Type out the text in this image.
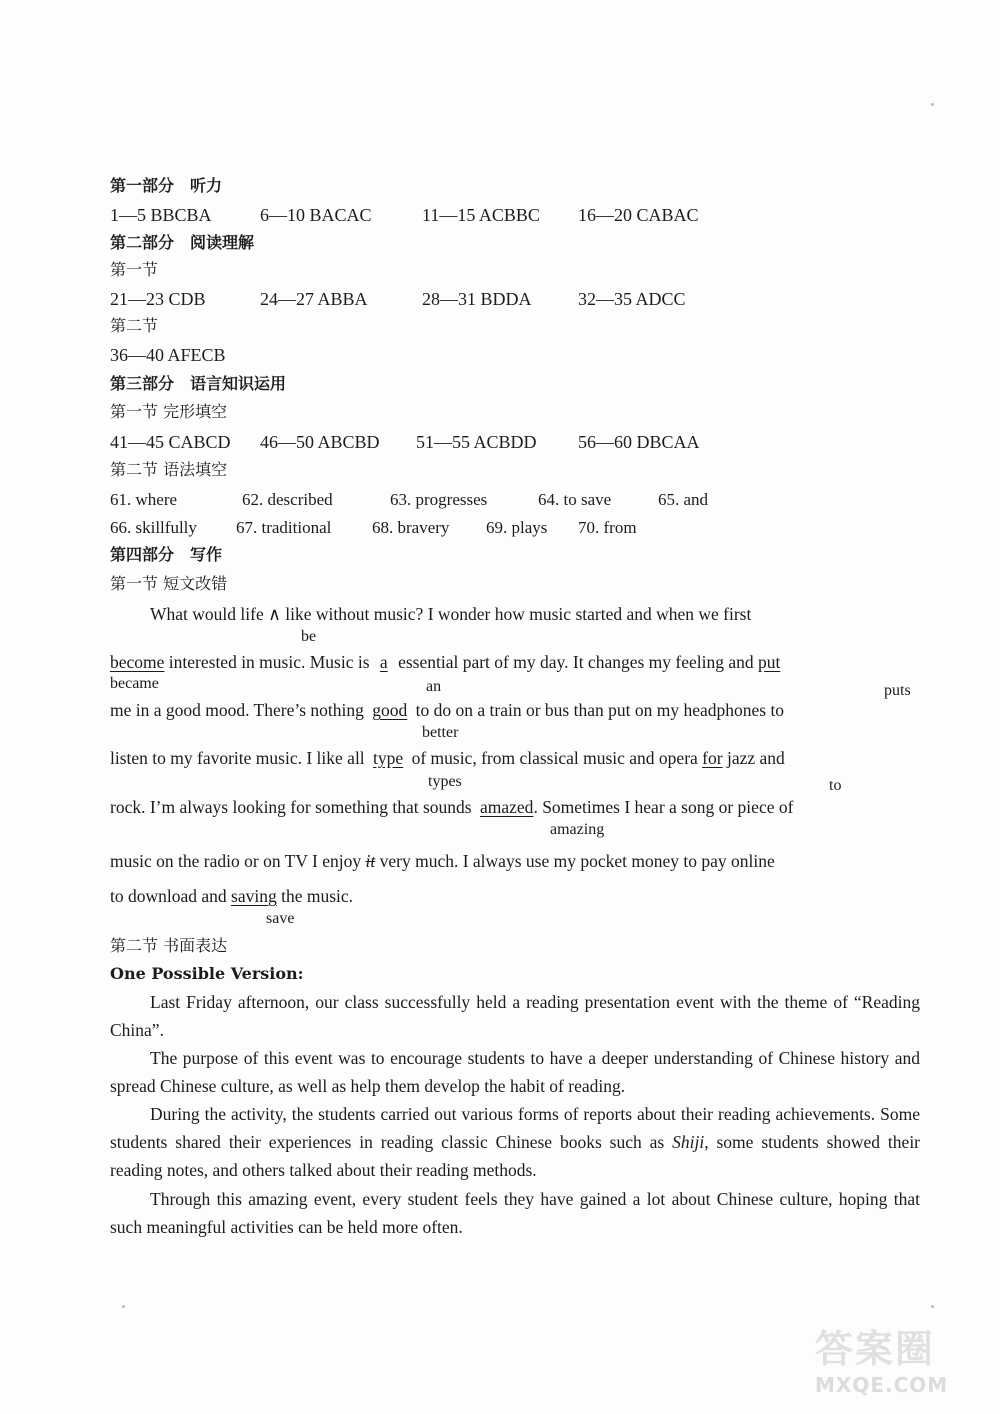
第一部分　听力
1—5 BBCBA	6—10 BACAC	11—15 ACBBC 16—20 CABAC
第二部分　阅读理解
第一节
21—23 CDB	24—27 ABBA	28—31 BDDA	32—35 ADCC
第二节
36—40 AFECB
第三部分　语言知识运用
第一节 完形填空
41—45 CABCD 46—50 ABCBD 51—55 ACBDD 56—60 DBCAA
第二节 语法填空
61. where	62. described	63. progresses	64. to save	65. and
66. skillfully 67. traditional 68. bravery 69. plays 70. from
第四部分　写作
第一节 短文改错
What would life ∧ like without music? I wonder how music started and when we first
be
become interested in music. Music is a essential part of my day. It changes my feeling and put
became	an	puts
me in a good mood. There’s nothing good to do on a train or bus than put on my headphones to
better
listen to my favorite music. I like all type of music, from classical music and opera for jazz and
types	to
rock. I’m always looking for something that sounds amazed. Sometimes I hear a song or piece of
amazing
music on the radio or on TV I enjoy it very much. I always use my pocket money to pay online
to download and saving the music.
save
第二节 书面表达
One Possible Version:
Last Friday afternoon, our class successfully held a reading presentation event with the theme of “Reading China”.
The purpose of this event was to encourage students to have a deeper understanding of Chinese history and spread Chinese culture, as well as help them develop the habit of reading.
During the activity, the students carried out various forms of reports about their reading achievements. Some students shared their experiences in reading classic Chinese books such as Shiji, some students showed their reading notes, and others talked about their reading methods.
Through this amazing event, every student feels they have gained a lot about Chinese culture, hoping that such meaningful activities can be held more often.
答案圈
MXQE.COM
